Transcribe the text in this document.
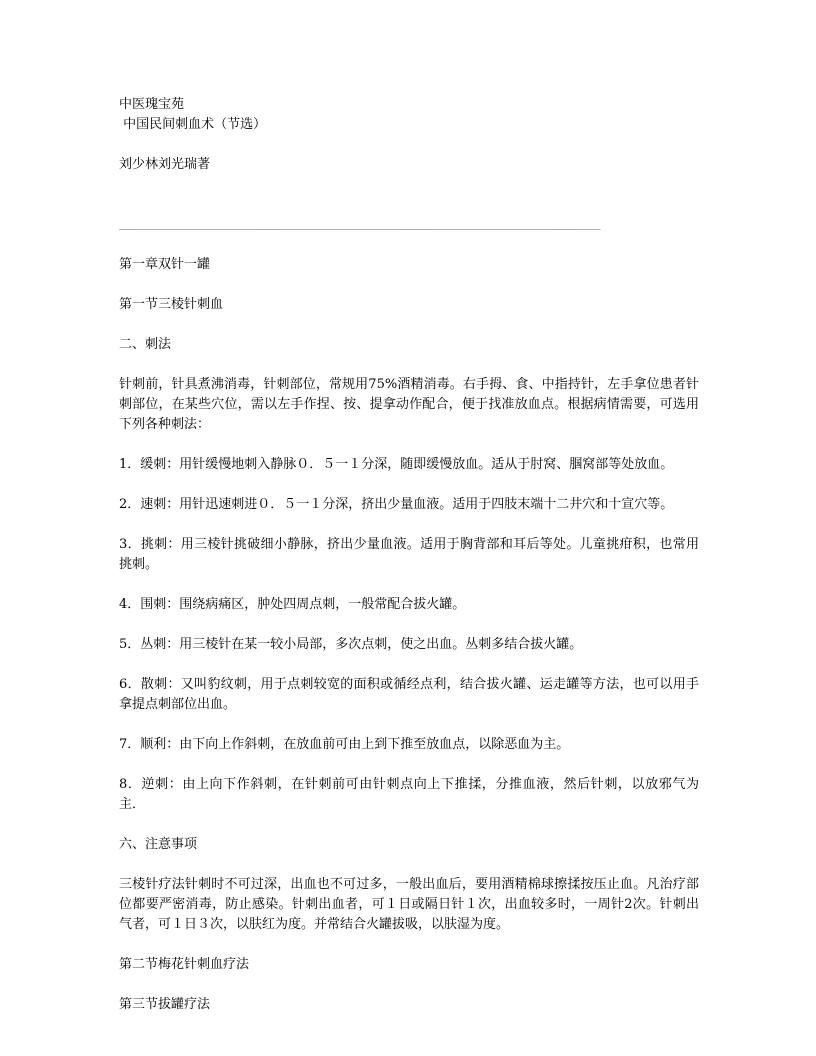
中医瑰宝苑
中国民间刺血术（节选）
刘少林刘光瑞著
________________________________________________________________________________
第一章双针一罐
第一节三棱针刺血
二、刺法
针刺前，针具煮沸消毒，针刺部位，常规用75%酒精消毒。右手拇、食、中指持针，左手拿位患者针刺部位，在某些穴位，需以左手作捏、按、提拿动作配合，便于找准放血点。根据病情需要，可选用下列各种刺法：
1．缓刺：用针缓慢地刺入静脉０．５一１分深，随即缓慢放血。适从于肘窝、腘窝部等处放血。
2．速刺：用针迅速刺进０．５一１分深，挤出少量血液。适用于四肢末端十二井穴和十宣穴等。
3．挑刺：用三棱针挑破细小静脉，挤出少量血液。适用于胸背部和耳后等处。儿童挑疳积，也常用挑刺。
4．围刺：围绕病痛区，肿处四周点刺，一般常配合拔火罐。
5．丛刺：用三棱针在某一较小局部，多次点刺，使之出血。丛刺多结合拔火罐。
6．散刺：又叫豹纹刺，用于点刺较宽的面积或循经点利，结合拔火罐、运走罐等方法，也可以用手拿提点刺部位出血。
7．顺利：由下向上作斜刺，在放血前可由上到下推至放血点，以除恶血为主。
8．逆刺：由上向下作斜刺，在针刺前可由针刺点向上下推揉，分推血液，然后针刺，以放邪气为主．
六、注意事项
三棱针疗法针刺时不可过深，出血也不可过多，一般出血后，要用酒精棉球擦揉按压止血。凡治疗部位都要严密消毒，防止感染。针刺出血者，可１日或隔日针１次，出血较多时，一周针2次。针刺出气者，可１日３次，以肤红为度。并常结合火罐拔吸，以肤湿为度。
第二节梅花针刺血疗法
第三节拔罐疗法
